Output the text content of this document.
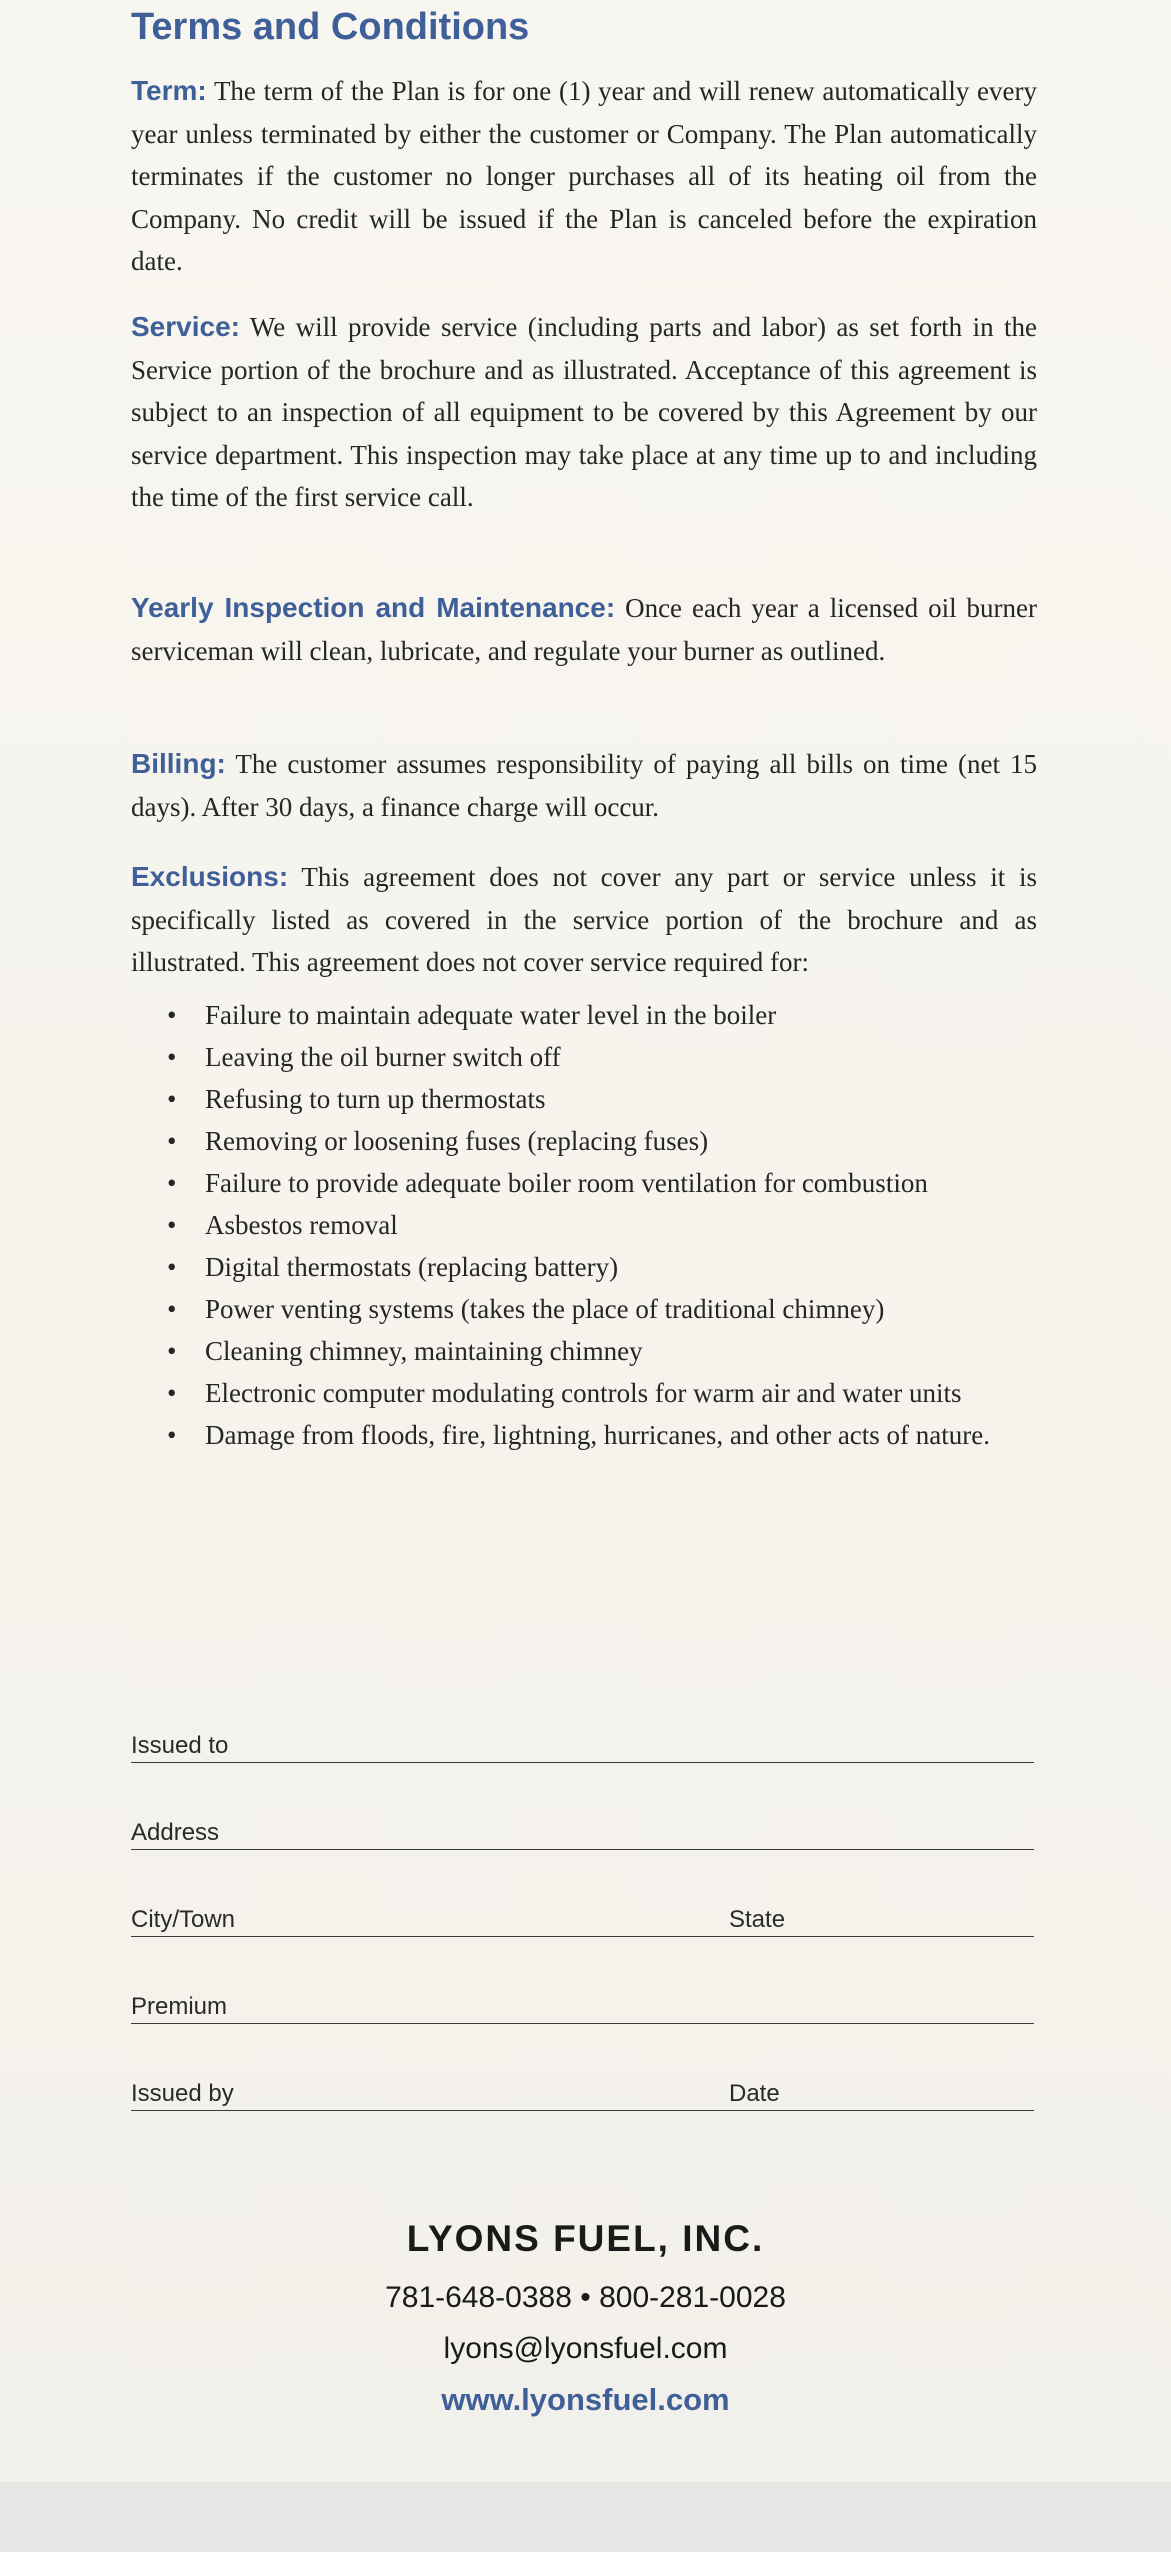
Terms and Conditions

Term: The term of the Plan is for one (1) year and will renew automatically every year unless terminated by either the customer or Company. The Plan automatically terminates if the customer no longer purchases all of its heating oil from the Company. No credit will be issued if the Plan is canceled before the expiration date.

Service: We will provide service (including parts and labor) as set forth in the Service portion of the brochure and as illustrated. Acceptance of this agreement is subject to an inspection of all equipment to be covered by this Agreement by our service department. This inspection may take place at any time up to and including the time of the first service call.

Yearly Inspection and Maintenance: Once each year a licensed oil burner serviceman will clean, lubricate, and regulate your burner as outlined.

Billing: The customer assumes responsibility of paying all bills on time (net 15 days). After 30 days, a finance charge will occur.

Exclusions: This agreement does not cover any part or service unless it is specifically listed as covered in the service portion of the brochure and as illustrated. This agreement does not cover service required for:

• Failure to maintain adequate water level in the boiler
• Leaving the oil burner switch off
• Refusing to turn up thermostats
• Removing or loosening fuses (replacing fuses)
• Failure to provide adequate boiler room ventilation for combustion
• Asbestos removal
• Digital thermostats (replacing battery)
• Power venting systems (takes the place of traditional chimney)
• Cleaning chimney, maintaining chimney
• Electronic computer modulating controls for warm air and water units
• Damage from floods, fire, lightning, hurricanes, and other acts of nature.
Issued to
Address
City/Town	State
Premium
Issued by	Date
LYONS FUEL, INC.
781-648-0388 • 800-281-0028
lyons@lyonsfuel.com
www.lyonsfuel.com
